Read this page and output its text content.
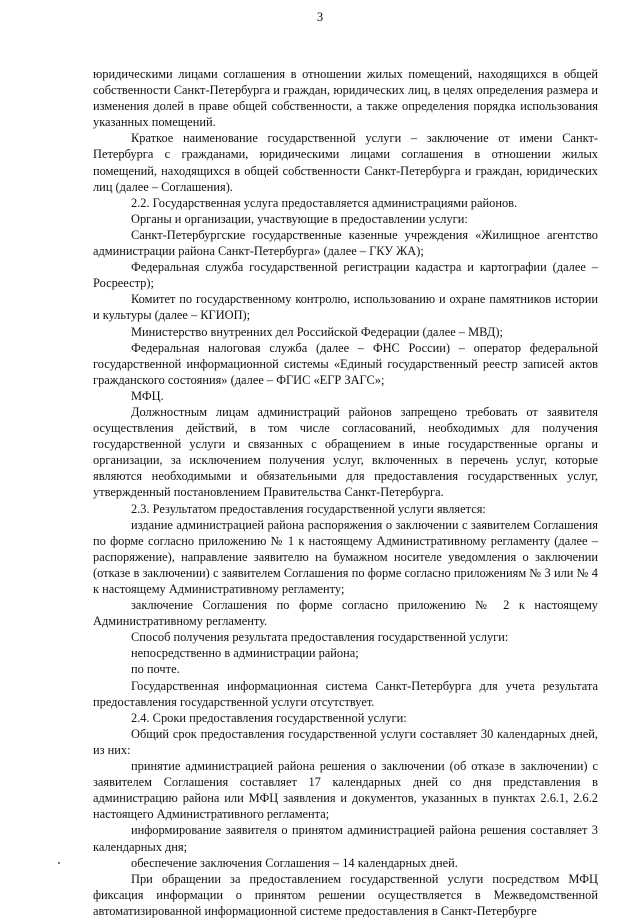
3

юридическими лицами соглашения в отношении жилых помещений, находящихся в общей собственности Санкт-Петербурга и граждан, юридических лиц, в целях определения размера и изменения долей в праве общей собственности, а также определения порядка использования указанных помещений.

Краткое наименование государственной услуги – заключение от имени Санкт-Петербурга с гражданами, юридическими лицами соглашения в отношении жилых помещений, находящихся в общей собственности Санкт-Петербурга и граждан, юридических лиц (далее – Соглашения).

2.2. Государственная услуга предоставляется администрациями районов.

Органы и организации, участвующие в предоставлении услуги:

Санкт-Петербургские государственные казенные учреждения «Жилищное агентство администрации района Санкт-Петербурга» (далее – ГКУ ЖА);

Федеральная служба государственной регистрации кадастра и картографии (далее – Росреестр);

Комитет по государственному контролю, использованию и охране памятников истории и культуры (далее – КГИОП);

Министерство внутренних дел Российской Федерации (далее – МВД);

Федеральная налоговая служба (далее – ФНС России) – оператор федеральной государственной информационной системы «Единый государственный реестр записей актов гражданского состояния» (далее – ФГИС «ЕГР ЗАГС»;

МФЦ.

Должностным лицам администраций районов запрещено требовать от заявителя осуществления действий, в том числе согласований, необходимых для получения государственной услуги и связанных с обращением в иные государственные органы и организации, за исключением получения услуг, включенных в перечень услуг, которые являются необходимыми и обязательными для предоставления государственных услуг, утвержденный постановлением Правительства Санкт-Петербурга.

2.3. Результатом предоставления государственной услуги является:

издание администрацией района распоряжения о заключении с заявителем Соглашения по форме согласно приложению № 1 к настоящему Административному регламенту (далее – распоряжение), направление заявителю на бумажном носителе уведомления о заключении (отказе в заключении) с заявителем Соглашения по форме согласно приложениям № 3 или № 4 к настоящему Административному регламенту;

заключение Соглашения по форме согласно приложению № 2 к настоящему Административному регламенту.

Способ получения результата предоставления государственной услуги:

непосредственно в администрации района;

по почте.

Государственная информационная система Санкт-Петербурга для учета результата предоставления государственной услуги отсутствует.

2.4. Сроки предоставления государственной услуги:

Общий срок предоставления государственной услуги составляет 30 календарных дней, из них:

принятие администрацией района решения о заключении (об отказе в заключении) с заявителем Соглашения составляет 17 календарных дней со дня представления в администрацию района или МФЦ заявления и документов, указанных в пунктах 2.6.1, 2.6.2 настоящего Административного регламента;

информирование заявителя о принятом администрацией района решения составляет 3 календарных дня;

обеспечение заключения Соглашения – 14 календарных дней.

При обращении за предоставлением государственной услуги посредством МФЦ фиксация информации о принятом решении осуществляется в Межведомственной автоматизированной информационной системе предоставления в Санкт-Петербурге
